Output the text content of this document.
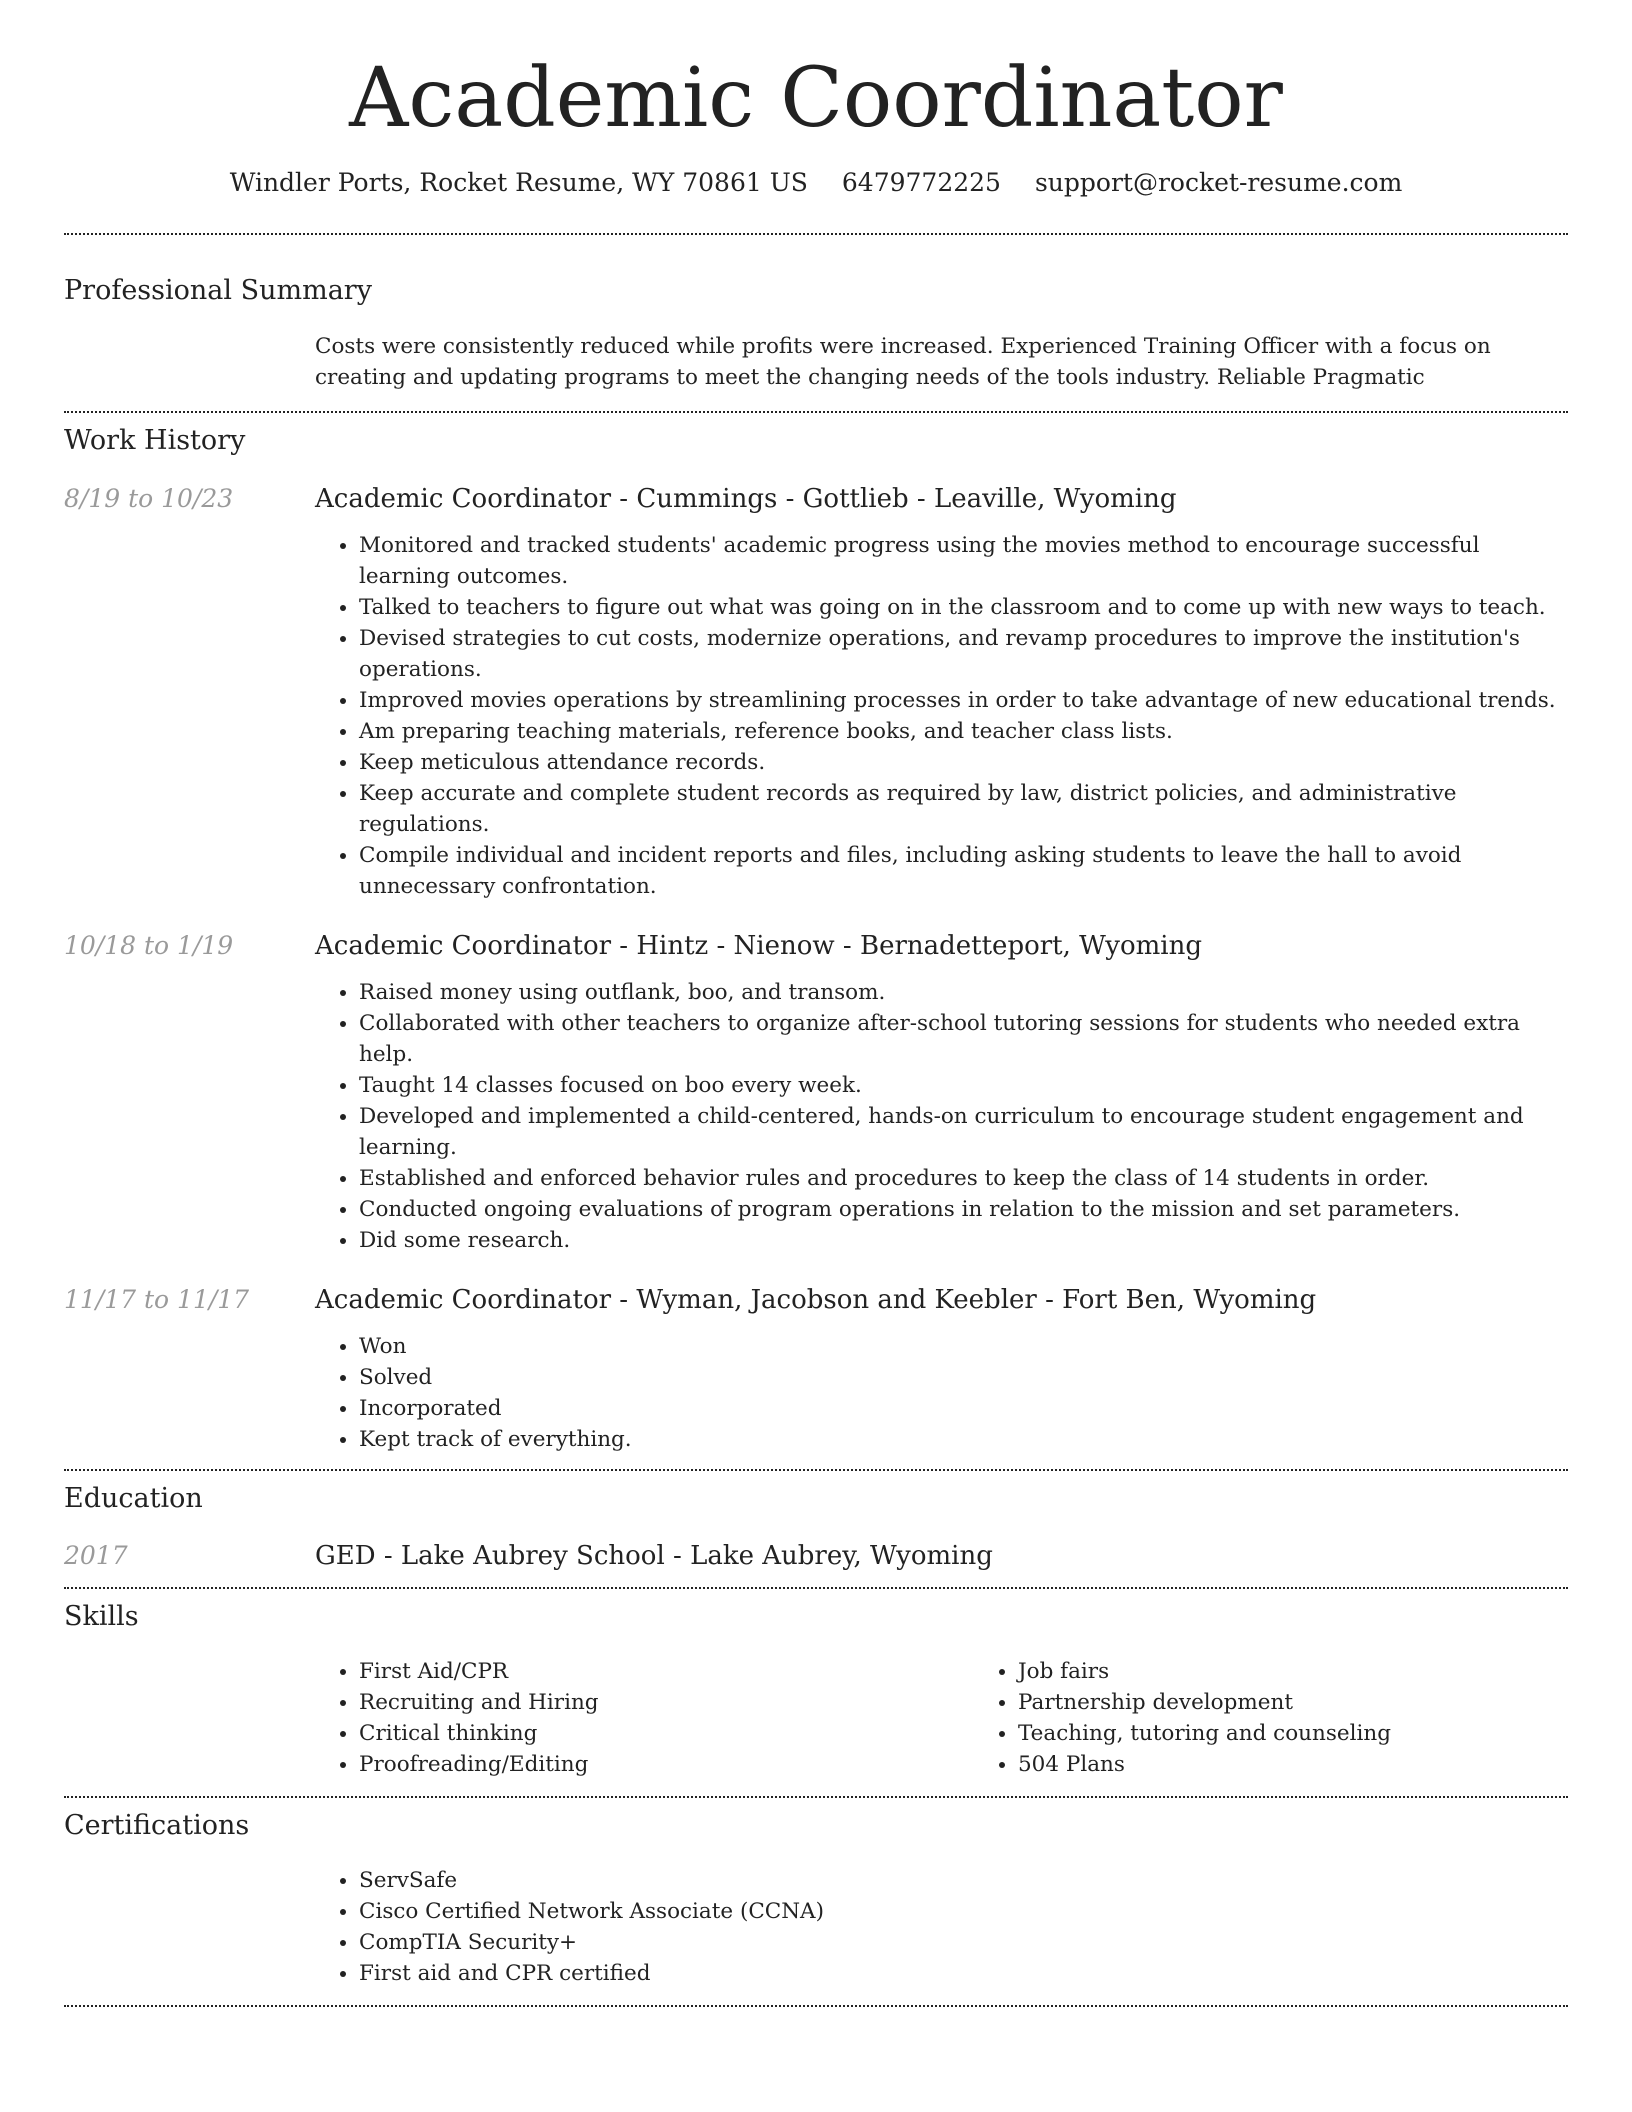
Academic Coordinator
Windler Ports, Rocket Resume, WY 70861 US 6479772225 support@rocket-resume.com
Professional Summary
Costs were consistently reduced while profits were increased. Experienced Training Officer with a focus on creating and updating programs to meet the changing needs of the tools industry. Reliable Pragmatic
Work History
8/19 to 10/23	Academic Coordinator - Cummings - Gottlieb - Leaville, Wyoming
• Monitored and tracked students' academic progress using the movies method to encourage successful learning outcomes.
• Talked to teachers to figure out what was going on in the classroom and to come up with new ways to teach.
• Devised strategies to cut costs, modernize operations, and revamp procedures to improve the institution's operations.
• Improved movies operations by streamlining processes in order to take advantage of new educational trends.
• Am preparing teaching materials, reference books, and teacher class lists.
• Keep meticulous attendance records.
• Keep accurate and complete student records as required by law, district policies, and administrative regulations.
• Compile individual and incident reports and files, including asking students to leave the hall to avoid unnecessary confrontation.
10/18 to 1/19	Academic Coordinator - Hintz - Nienow - Bernadetteport, Wyoming
• Raised money using outflank, boo, and transom.
• Collaborated with other teachers to organize after-school tutoring sessions for students who needed extra help.
• Taught 14 classes focused on boo every week.
• Developed and implemented a child-centered, hands-on curriculum to encourage student engagement and learning.
• Established and enforced behavior rules and procedures to keep the class of 14 students in order.
• Conducted ongoing evaluations of program operations in relation to the mission and set parameters.
• Did some research.
11/17 to 11/17	Academic Coordinator - Wyman, Jacobson and Keebler - Fort Ben, Wyoming
• Won
• Solved
• Incorporated
• Kept track of everything.
Education
2017	GED - Lake Aubrey School - Lake Aubrey, Wyoming
Skills
• First Aid/CPR
• Recruiting and Hiring
• Critical thinking
• Proofreading/Editing
• Job fairs
• Partnership development
• Teaching, tutoring and counseling
• 504 Plans
Certifications
• ServSafe
• Cisco Certified Network Associate (CCNA)
• CompTIA Security+
• First aid and CPR certified
